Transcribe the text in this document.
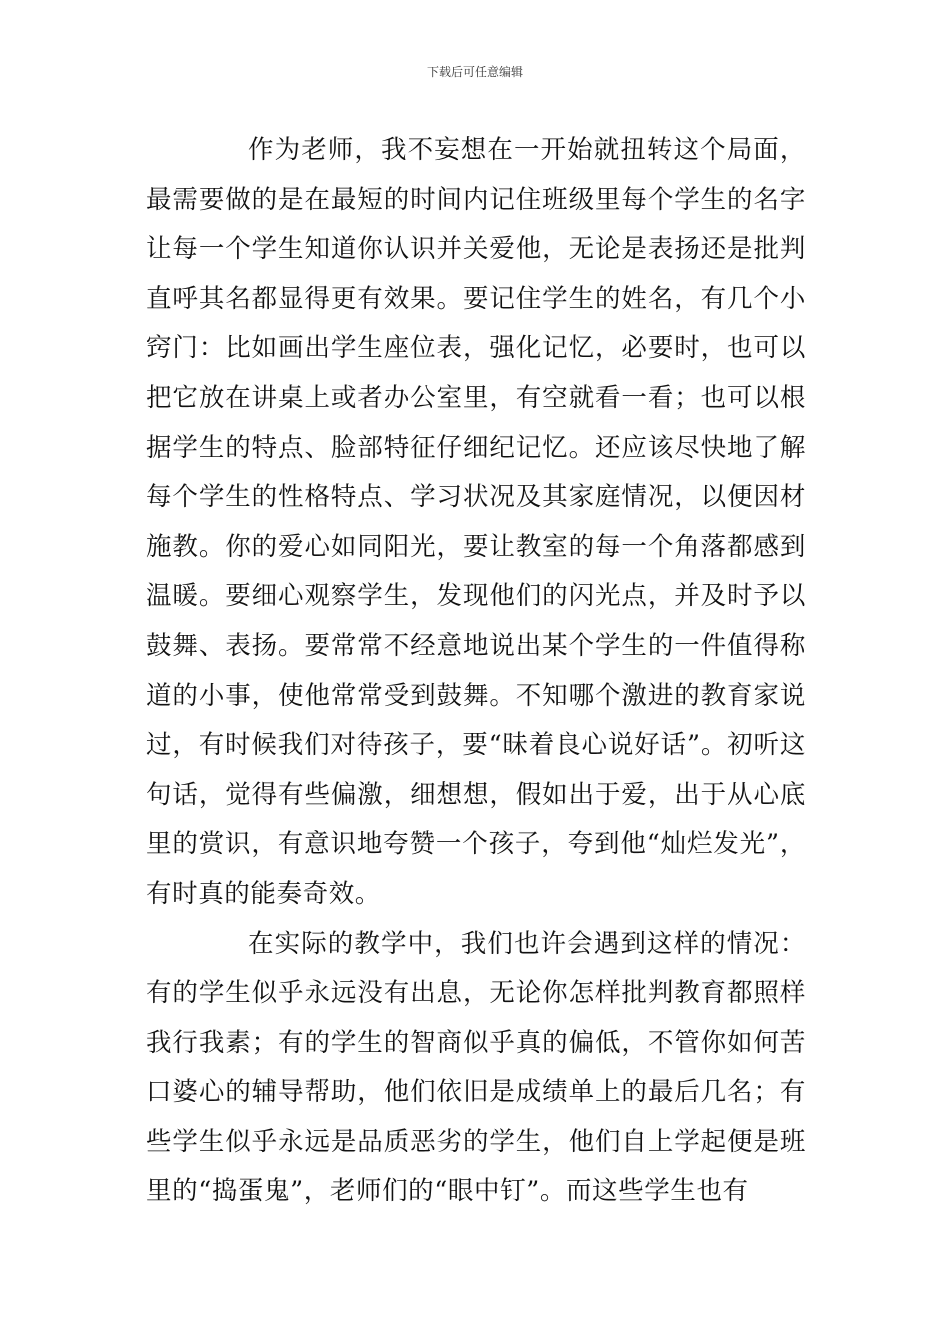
下载后可任意编辑

作为老师，我不妄想在一开始就扭转这个局面，最需要做的是在最短的时间内记住班级里每个学生的名字让每一个学生知道你认识并关爱他，无论是表扬还是批判直呼其名都显得更有效果。要记住学生的姓名，有几个小窍门：比如画出学生座位表，强化记忆，必要时，也可以把它放在讲桌上或者办公室里，有空就看一看；也可以根据学生的特点、脸部特征仔细纪记忆。还应该尽快地了解每个学生的性格特点、学习状况及其家庭情况，以便因材施教。你的爱心如同阳光，要让教室的每一个角落都感到温暖。要细心观察学生，发现他们的闪光点，并及时予以鼓舞、表扬。要常常不经意地说出某个学生的一件值得称道的小事，使他常常受到鼓舞。不知哪个激进的教育家说过，有时候我们对待孩子，要“昧着良心说好话”。初听这句话，觉得有些偏激，细想想，假如出于爱，出于从心底里的赏识，有意识地夸赞一个孩子，夸到他“灿烂发光”，有时真的能奏奇效。

在实际的教学中，我们也许会遇到这样的情况：有的学生似乎永远没有出息，无论你怎样批判教育都照样我行我素；有的学生的智商似乎真的偏低，不管你如何苦口婆心的辅导帮助，他们依旧是成绩单上的最后几名；有些学生似乎永远是品质恶劣的学生，他们自上学起便是班里的“捣蛋鬼”，老师们的“眼中钉”。而这些学生也有
